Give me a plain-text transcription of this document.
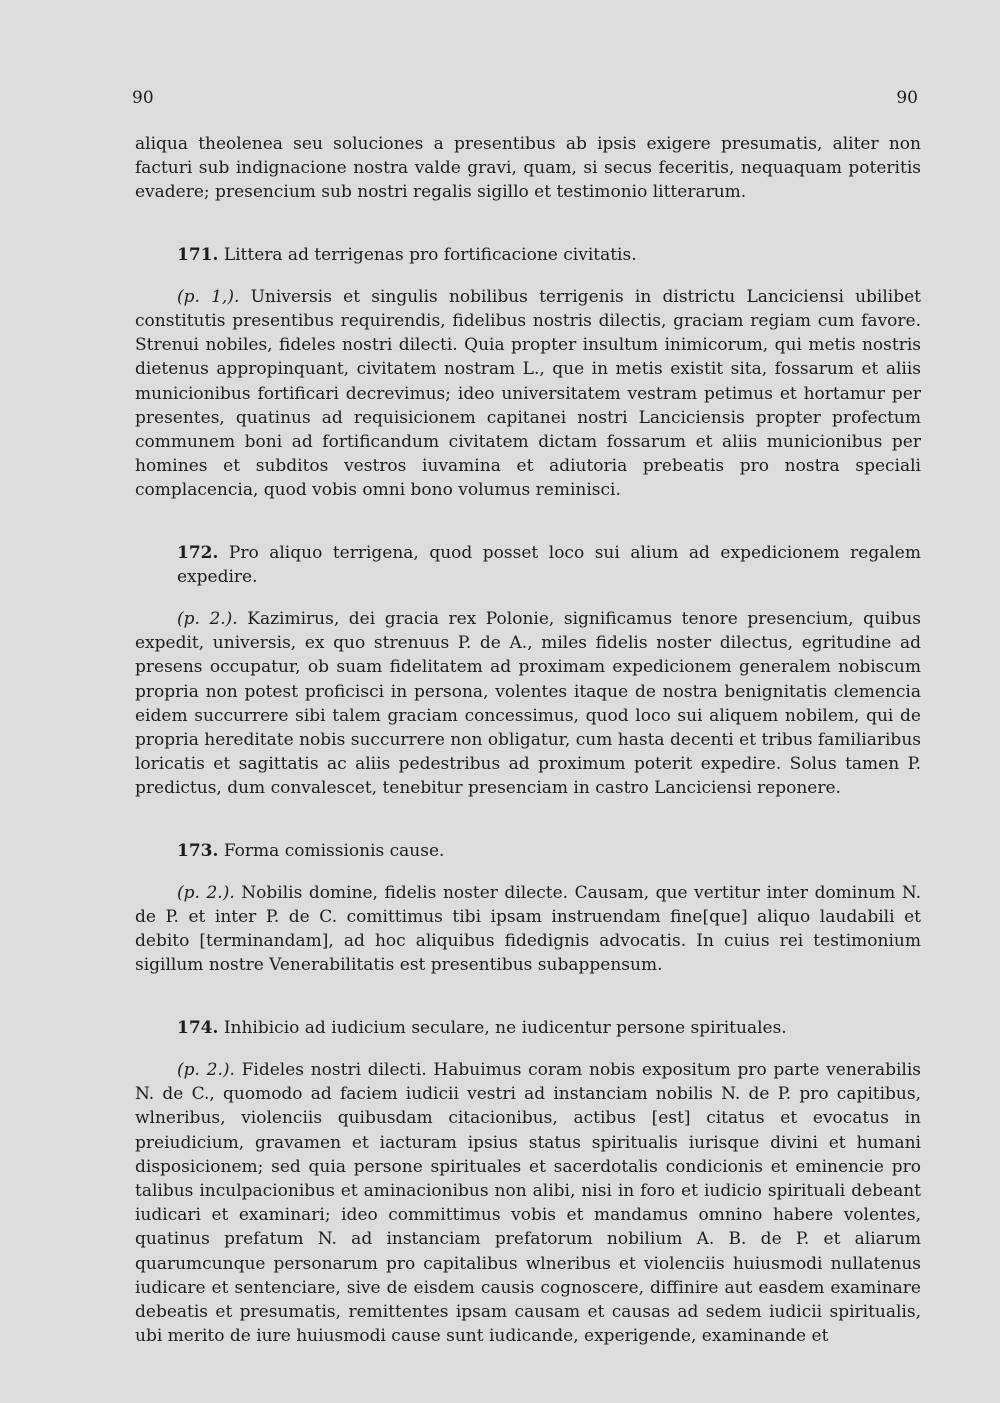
90	90

aliqua theolenea seu soluciones a presentibus ab ipsis exigere presumatis, aliter non facturi sub indignacione nostra valde gravi, quam, si secus feceritis, nequaquam poteritis evadere; presencium sub nostri regalis sigillo et testimonio litterarum.

171. Littera ad terrigenas pro fortificacione civitatis.

(p. 1,). Universis et singulis nobilibus terrigenis in districtu Lanciciensi ubilibet constitutis presentibus requirendis, fidelibus nostris dilectis, graciam regiam cum favore. Strenui nobiles, fideles nostri dilecti. Quia propter insultum inimicorum, qui metis nostris dietenus appropinquant, civitatem nostram L., que in metis existit sita, fossarum et aliis municionibus fortificari decrevimus; ideo universitatem vestram petimus et hortamur per presentes, quatinus ad requisicionem capitanei nostri Lanciciensis propter profectum communem boni ad fortificandum civitatem dictam fossarum et aliis municionibus per homines et subditos vestros iuvamina et adiutoria prebeatis pro nostra speciali complacencia, quod vobis omni bono volumus reminisci.

172. Pro aliquo terrigena, quod posset loco sui alium ad expedicionem regalem expedire.

(p. 2.). Kazimirus, dei gracia rex Polonie, significamus tenore presencium, quibus expedit, universis, ex quo strenuus P. de A., miles fidelis noster dilectus, egritudine ad presens occupatur, ob suam fidelitatem ad proximam expedicionem generalem nobiscum propria non potest proficisci in persona, volentes itaque de nostra benignitatis clemencia eidem succurrere sibi talem graciam concessimus, quod loco sui aliquem nobilem, qui de propria hereditate nobis succurrere non obligatur, cum hasta decenti et tribus familiaribus loricatis et sagittatis ac aliis pedestribus ad proximum poterit expedire. Solus tamen P. predictus, dum convalescet, tenebitur presenciam in castro Lanciciensi reponere.

173. Forma comissionis cause.

(p. 2.). Nobilis domine, fidelis noster dilecte. Causam, que vertitur inter dominum N. de P. et inter P. de C. comittimus tibi ipsam instruendam fine[que] aliquo laudabili et debito [terminandam], ad hoc aliquibus fidedignis advocatis. In cuius rei testimonium sigillum nostre Venerabilitatis est presentibus subappensum.

174. Inhibicio ad iudicium seculare, ne iudicentur persone spirituales.

(p. 2.). Fideles nostri dilecti. Habuimus coram nobis expositum pro parte venerabilis N. de C., quomodo ad faciem iudicii vestri ad instanciam nobilis N. de P. pro capitibus, wlneribus, violenciis quibusdam citacionibus, actibus [est] citatus et evocatus in preiudicium, gravamen et iacturam ipsius status spiritualis iurisque divini et humani disposicionem; sed quia persone spirituales et sacerdotalis condicionis et eminencie pro talibus inculpacionibus et aminacionibus non alibi, nisi in foro et iudicio spirituali debeant iudicari et examinari; ideo committimus vobis et mandamus omnino habere volentes, quatinus prefatum N. ad instanciam prefatorum nobilium A. B. de P. et aliarum quarumcunque personarum pro capitalibus wlneribus et violenciis huiusmodi nullatenus iudicare et sentenciare, sive de eisdem causis cognoscere, diffinire aut easdem examinare debeatis et presumatis, remittentes ipsam causam et causas ad sedem iudicii spiritualis, ubi merito de iure huiusmodi cause sunt iudicande, experigende, examinande et
